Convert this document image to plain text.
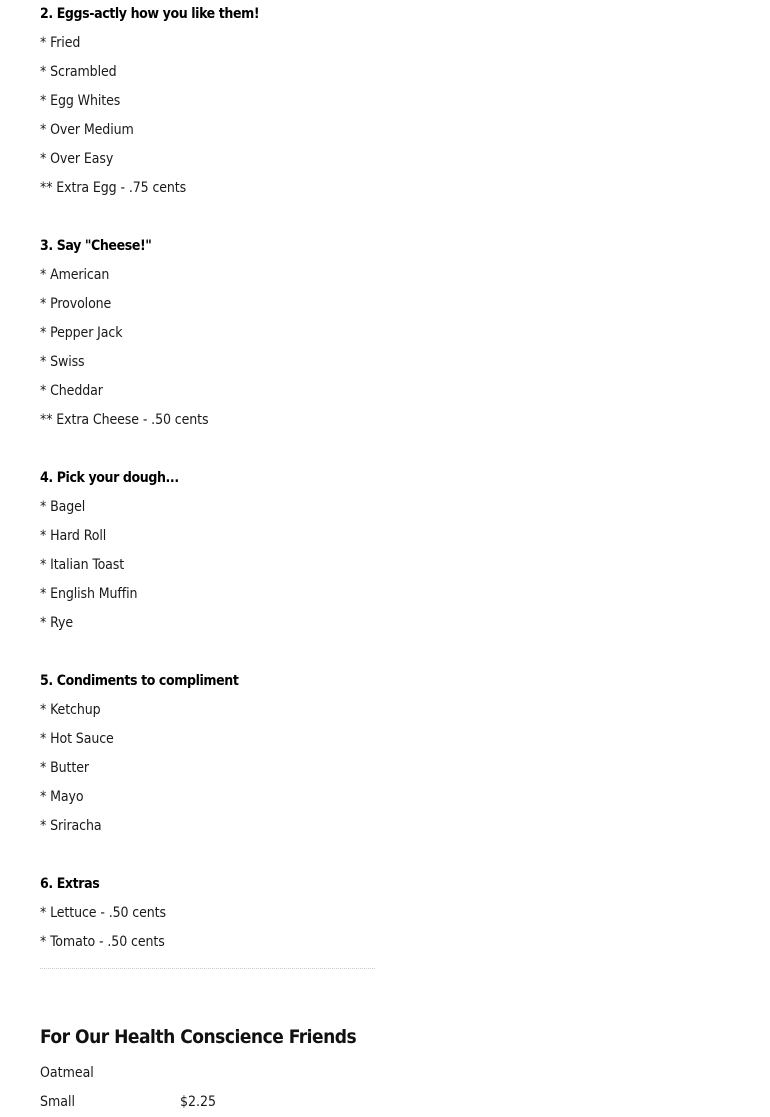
2. Eggs-actly how you like them!
* Fried
* Scrambled
* Egg Whites
* Over Medium
* Over Easy
** Extra Egg - .75 cents
3. Say "Cheese!"
* American
* Provolone
* Pepper Jack
* Swiss
* Cheddar
** Extra Cheese - .50 cents
4. Pick your dough...
* Bagel
* Hard Roll
* Italian Toast
* English Muffin
* Rye
5. Condiments to compliment
* Ketchup
* Hot Sauce
* Butter
* Mayo
* Sriracha
6. Extras
* Lettuce - .50 cents
* Tomato - .50 cents
For Our Health Conscience Friends
Oatmeal
Small	$2.25
